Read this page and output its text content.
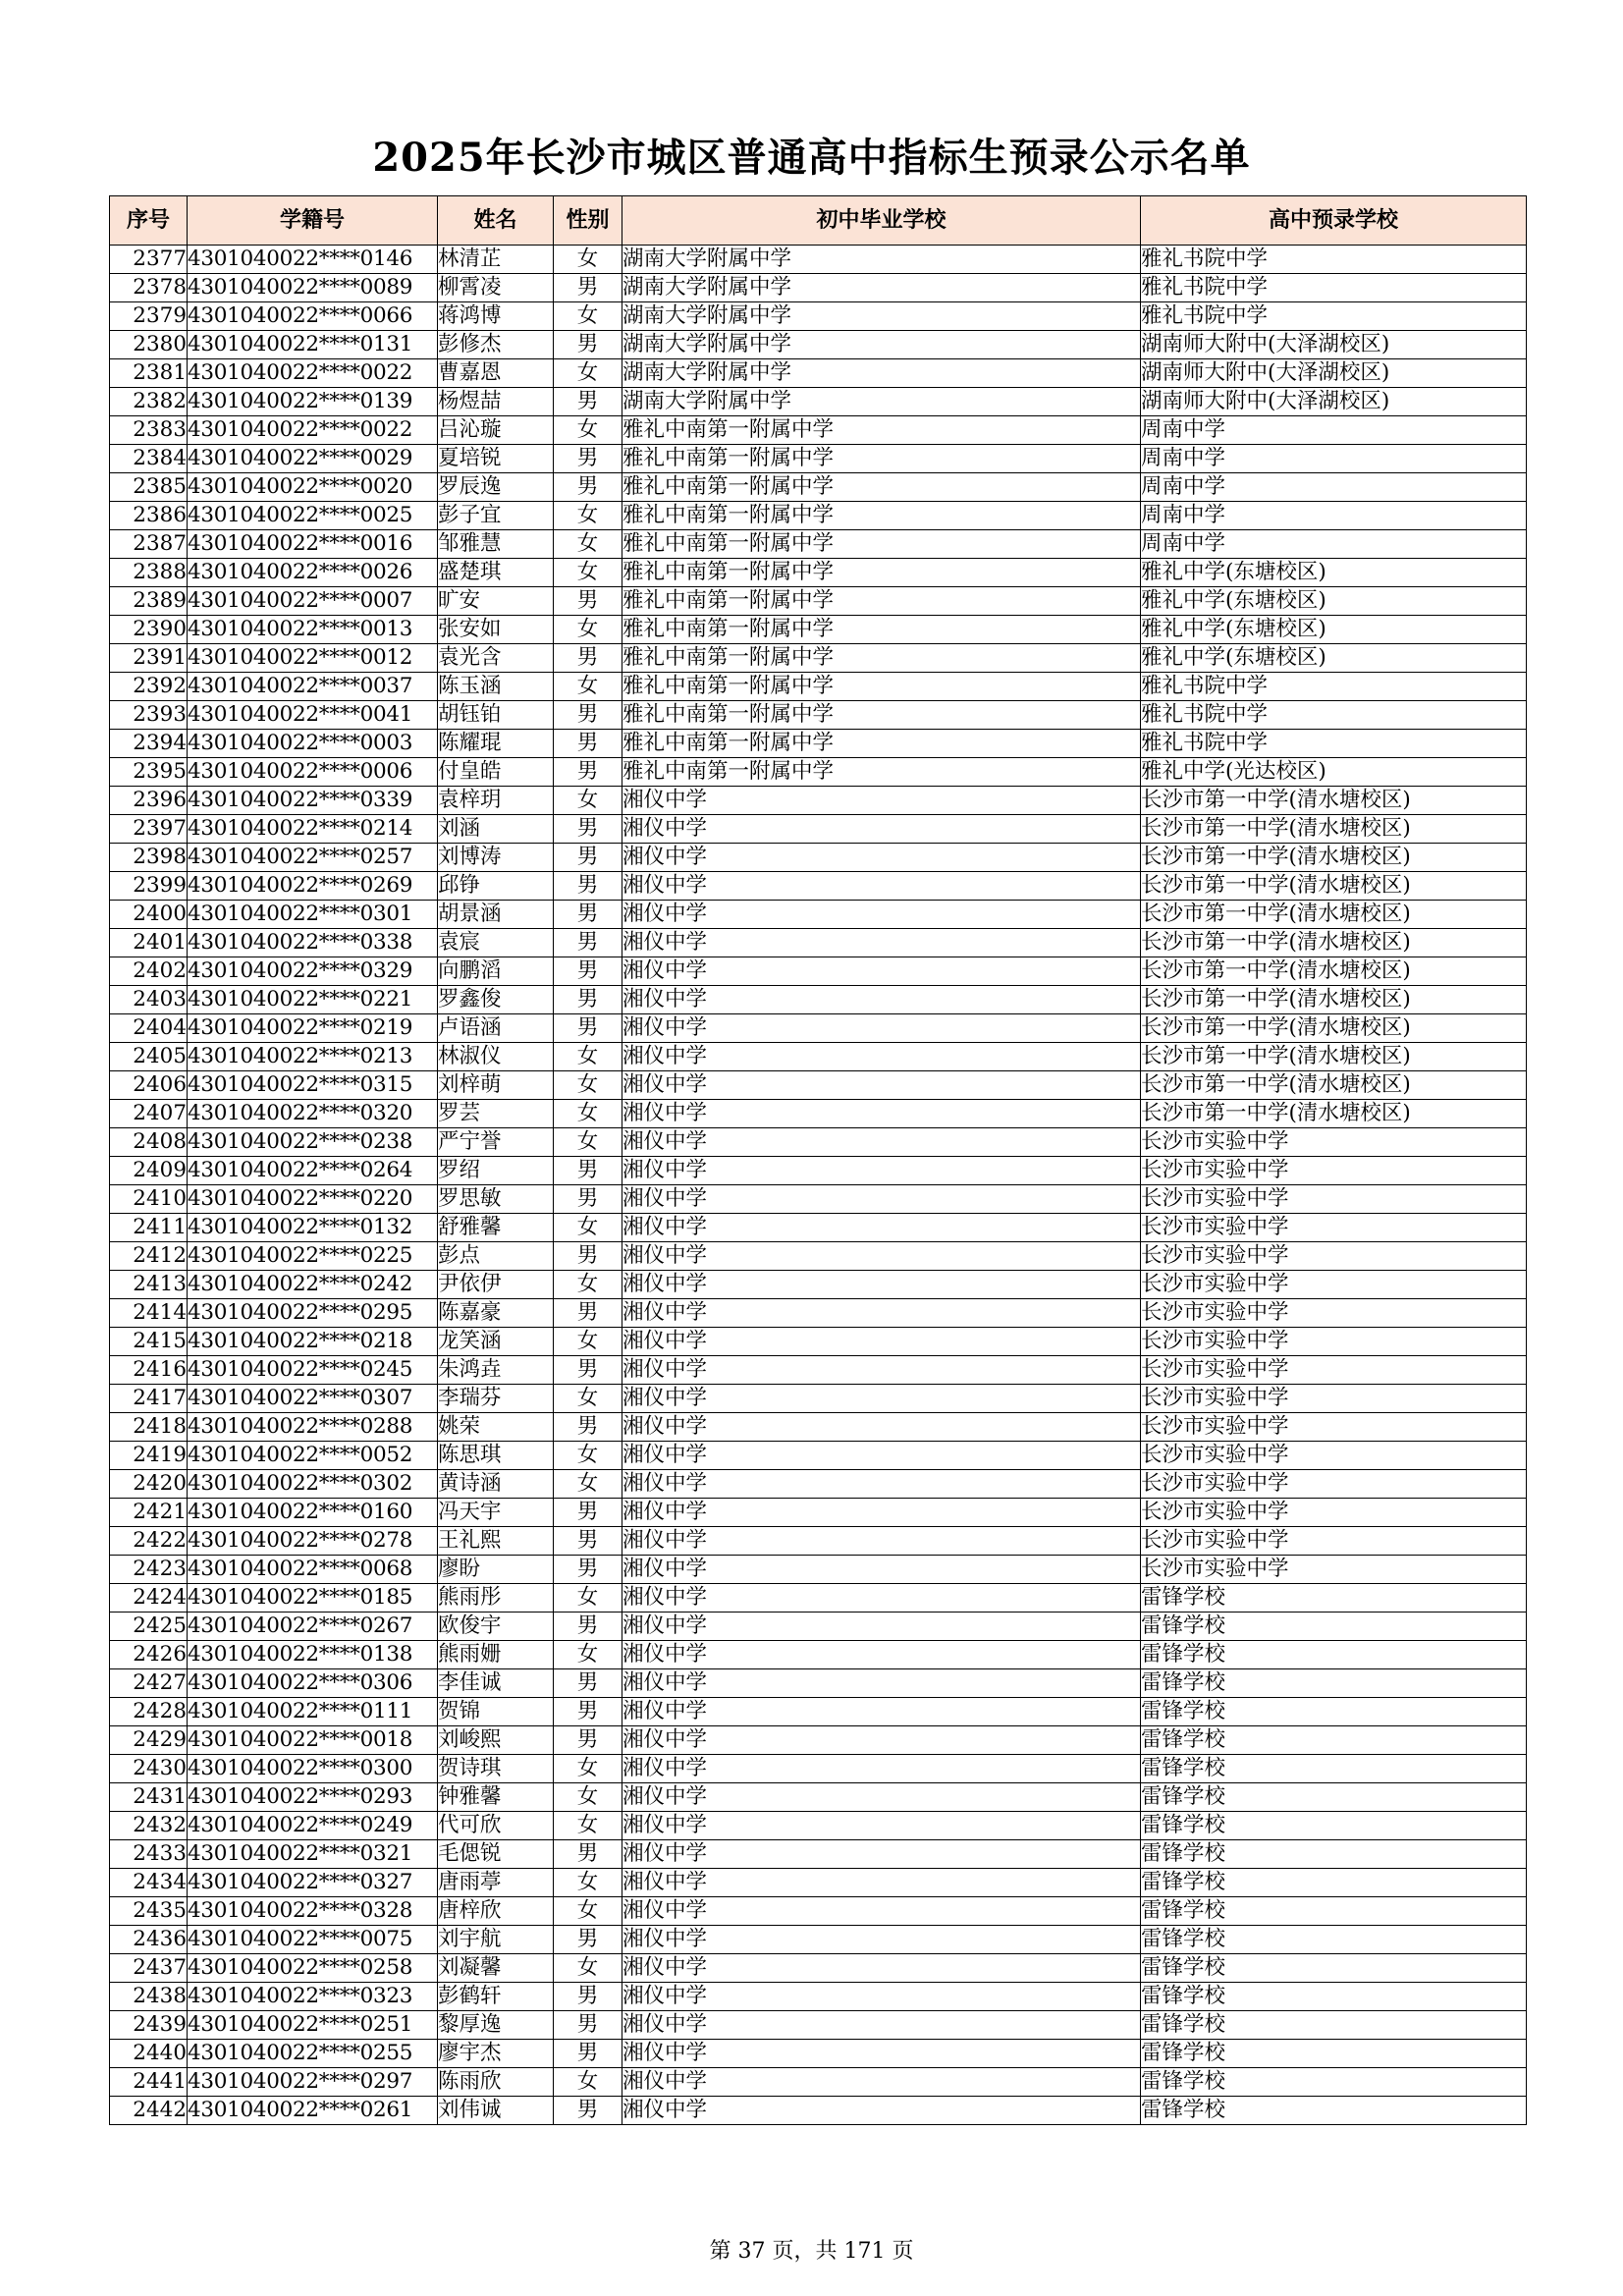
2025年长沙市城区普通高中指标生预录公示名单
序号	学籍号	姓名	性别	初中毕业学校	高中预录学校
2377	4301040022****0146	林清芷	女	湖南大学附属中学	雅礼书院中学
2378	4301040022****0089	柳霄凌	男	湖南大学附属中学	雅礼书院中学
2379	4301040022****0066	蒋鸿博	女	湖南大学附属中学	雅礼书院中学
2380	4301040022****0131	彭修杰	男	湖南大学附属中学	湖南师大附中(大泽湖校区)
2381	4301040022****0022	曹嘉恩	女	湖南大学附属中学	湖南师大附中(大泽湖校区)
2382	4301040022****0139	杨煜喆	男	湖南大学附属中学	湖南师大附中(大泽湖校区)
2383	4301040022****0022	吕沁璇	女	雅礼中南第一附属中学	周南中学
2384	4301040022****0029	夏培锐	男	雅礼中南第一附属中学	周南中学
2385	4301040022****0020	罗辰逸	男	雅礼中南第一附属中学	周南中学
2386	4301040022****0025	彭子宜	女	雅礼中南第一附属中学	周南中学
2387	4301040022****0016	邹雅慧	女	雅礼中南第一附属中学	周南中学
2388	4301040022****0026	盛楚琪	女	雅礼中南第一附属中学	雅礼中学(东塘校区)
2389	4301040022****0007	旷安	男	雅礼中南第一附属中学	雅礼中学(东塘校区)
2390	4301040022****0013	张安如	女	雅礼中南第一附属中学	雅礼中学(东塘校区)
2391	4301040022****0012	袁光含	男	雅礼中南第一附属中学	雅礼中学(东塘校区)
2392	4301040022****0037	陈玉涵	女	雅礼中南第一附属中学	雅礼书院中学
2393	4301040022****0041	胡钰铂	男	雅礼中南第一附属中学	雅礼书院中学
2394	4301040022****0003	陈耀琨	男	雅礼中南第一附属中学	雅礼书院中学
2395	4301040022****0006	付皇皓	男	雅礼中南第一附属中学	雅礼中学(光达校区)
2396	4301040022****0339	袁梓玥	女	湘仪中学	长沙市第一中学(清水塘校区)
2397	4301040022****0214	刘涵	男	湘仪中学	长沙市第一中学(清水塘校区)
2398	4301040022****0257	刘博涛	男	湘仪中学	长沙市第一中学(清水塘校区)
2399	4301040022****0269	邱铮	男	湘仪中学	长沙市第一中学(清水塘校区)
2400	4301040022****0301	胡景涵	男	湘仪中学	长沙市第一中学(清水塘校区)
2401	4301040022****0338	袁宸	男	湘仪中学	长沙市第一中学(清水塘校区)
2402	4301040022****0329	向鹏滔	男	湘仪中学	长沙市第一中学(清水塘校区)
2403	4301040022****0221	罗鑫俊	男	湘仪中学	长沙市第一中学(清水塘校区)
2404	4301040022****0219	卢语涵	男	湘仪中学	长沙市第一中学(清水塘校区)
2405	4301040022****0213	林淑仪	女	湘仪中学	长沙市第一中学(清水塘校区)
2406	4301040022****0315	刘梓萌	女	湘仪中学	长沙市第一中学(清水塘校区)
2407	4301040022****0320	罗芸	女	湘仪中学	长沙市第一中学(清水塘校区)
2408	4301040022****0238	严宁誉	女	湘仪中学	长沙市实验中学
2409	4301040022****0264	罗绍	男	湘仪中学	长沙市实验中学
2410	4301040022****0220	罗思敏	男	湘仪中学	长沙市实验中学
2411	4301040022****0132	舒雅馨	女	湘仪中学	长沙市实验中学
2412	4301040022****0225	彭点	男	湘仪中学	长沙市实验中学
2413	4301040022****0242	尹依伊	女	湘仪中学	长沙市实验中学
2414	4301040022****0295	陈嘉豪	男	湘仪中学	长沙市实验中学
2415	4301040022****0218	龙笑涵	女	湘仪中学	长沙市实验中学
2416	4301040022****0245	朱鸿垚	男	湘仪中学	长沙市实验中学
2417	4301040022****0307	李瑞芬	女	湘仪中学	长沙市实验中学
2418	4301040022****0288	姚荣	男	湘仪中学	长沙市实验中学
2419	4301040022****0052	陈思琪	女	湘仪中学	长沙市实验中学
2420	4301040022****0302	黄诗涵	女	湘仪中学	长沙市实验中学
2421	4301040022****0160	冯天宇	男	湘仪中学	长沙市实验中学
2422	4301040022****0278	王礼熙	男	湘仪中学	长沙市实验中学
2423	4301040022****0068	廖盼	男	湘仪中学	长沙市实验中学
2424	4301040022****0185	熊雨彤	女	湘仪中学	雷锋学校
2425	4301040022****0267	欧俊宇	男	湘仪中学	雷锋学校
2426	4301040022****0138	熊雨姗	女	湘仪中学	雷锋学校
2427	4301040022****0306	李佳诚	男	湘仪中学	雷锋学校
2428	4301040022****0111	贺锦	男	湘仪中学	雷锋学校
2429	4301040022****0018	刘峻熙	男	湘仪中学	雷锋学校
2430	4301040022****0300	贺诗琪	女	湘仪中学	雷锋学校
2431	4301040022****0293	钟雅馨	女	湘仪中学	雷锋学校
2432	4301040022****0249	代可欣	女	湘仪中学	雷锋学校
2433	4301040022****0321	毛偲锐	男	湘仪中学	雷锋学校
2434	4301040022****0327	唐雨葶	女	湘仪中学	雷锋学校
2435	4301040022****0328	唐梓欣	女	湘仪中学	雷锋学校
2436	4301040022****0075	刘宇航	男	湘仪中学	雷锋学校
2437	4301040022****0258	刘凝馨	女	湘仪中学	雷锋学校
2438	4301040022****0323	彭鹤轩	男	湘仪中学	雷锋学校
2439	4301040022****0251	黎厚逸	男	湘仪中学	雷锋学校
2440	4301040022****0255	廖宇杰	男	湘仪中学	雷锋学校
2441	4301040022****0297	陈雨欣	女	湘仪中学	雷锋学校
2442	4301040022****0261	刘伟诚	男	湘仪中学	雷锋学校
第 37 页，共 171 页
